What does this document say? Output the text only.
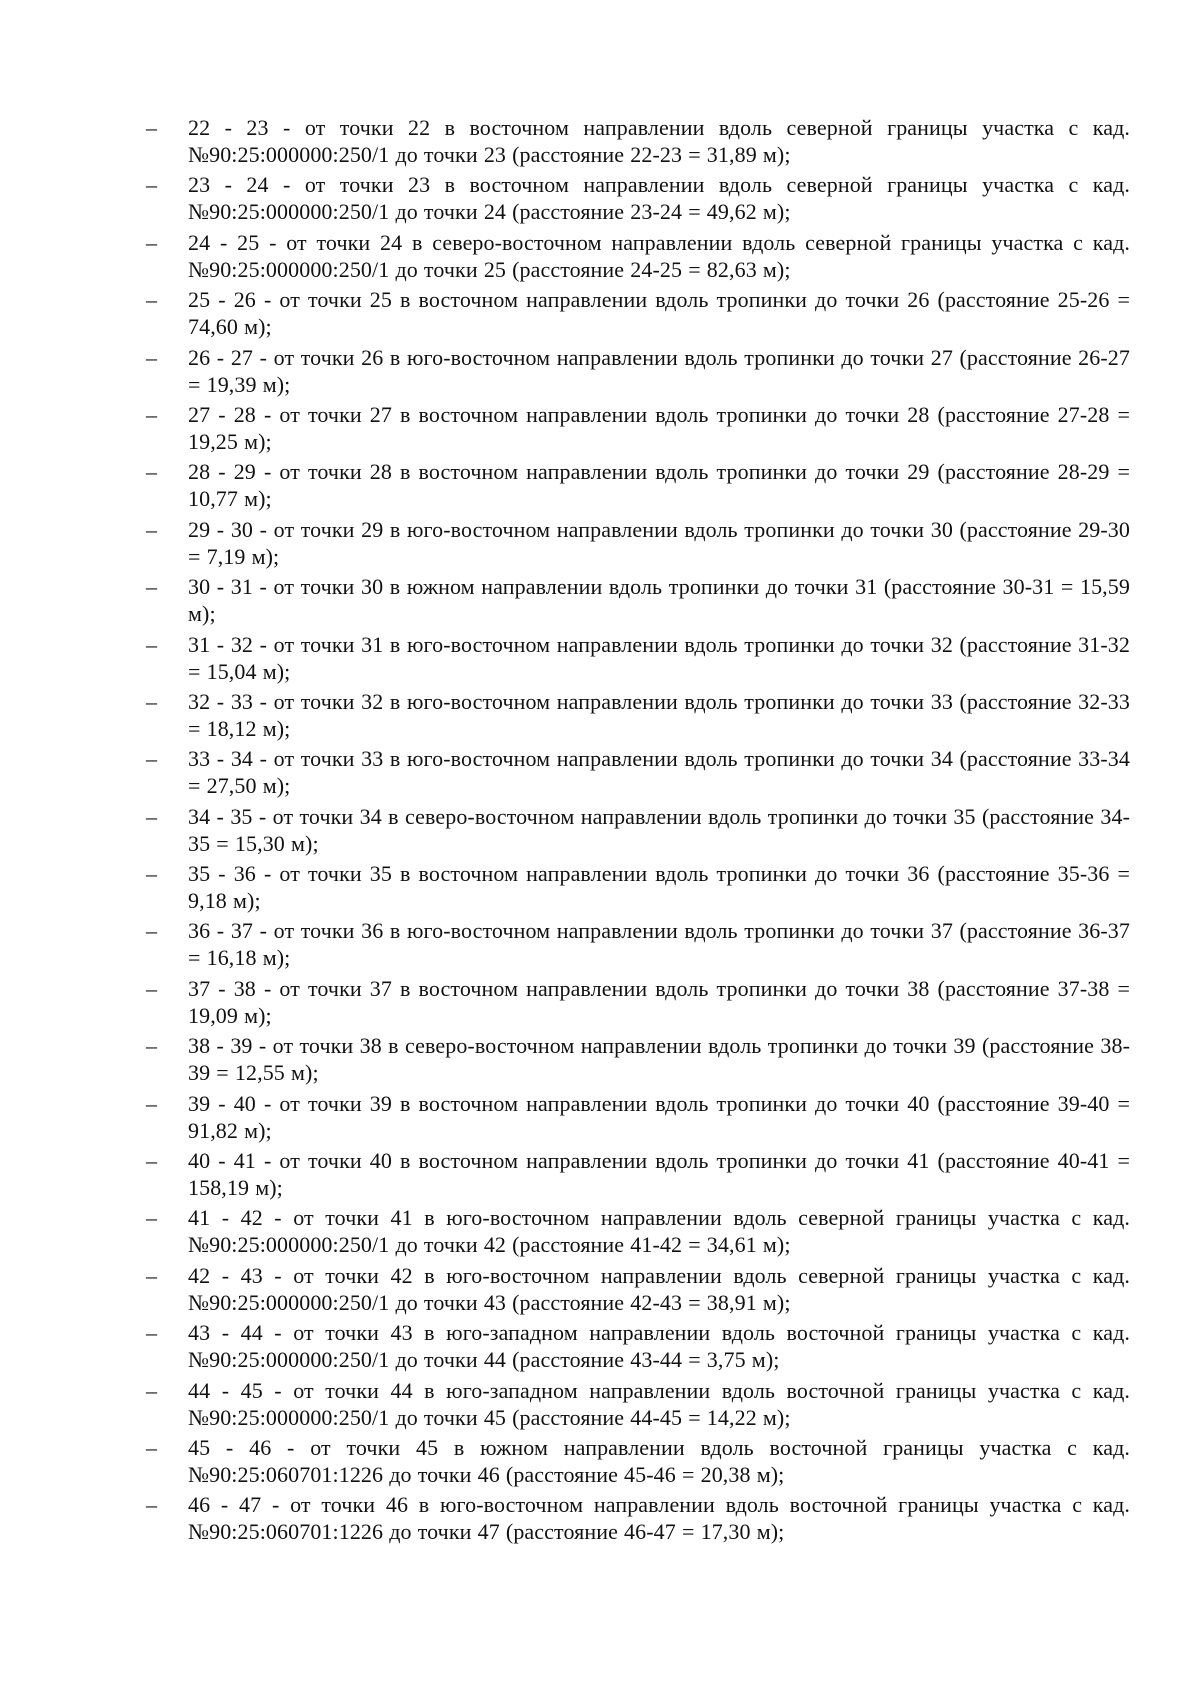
–	22 - 23 - от точки 22 в восточном направлении вдоль северной границы участка с кад. №90:25:000000:250/1 до точки 23 (расстояние 22-23 = 31,89 м);

–	23 - 24 - от точки 23 в восточном направлении вдоль северной границы участка с кад. №90:25:000000:250/1 до точки 24 (расстояние 23-24 = 49,62 м);

–	24 - 25 - от точки 24 в северо-восточном направлении вдоль северной границы участка с кад. №90:25:000000:250/1 до точки 25 (расстояние 24-25 = 82,63 м);

–	25 - 26 - от точки 25 в восточном направлении вдоль тропинки до точки 26 (расстояние 25-26 = 74,60 м);

–	26 - 27 - от точки 26 в юго-восточном направлении вдоль тропинки до точки 27 (расстояние 26-27 = 19,39 м);

–	27 - 28 - от точки 27 в восточном направлении вдоль тропинки до точки 28 (расстояние 27-28 = 19,25 м);

–	28 - 29 - от точки 28 в восточном направлении вдоль тропинки до точки 29 (расстояние 28-29 = 10,77 м);

–	29 - 30 - от точки 29 в юго-восточном направлении вдоль тропинки до точки 30 (расстояние 29-30 = 7,19 м);

–	30 - 31 - от точки 30 в южном направлении вдоль тропинки до точки 31 (расстояние 30-31 = 15,59 м);

–	31 - 32 - от точки 31 в юго-восточном направлении вдоль тропинки до точки 32 (расстояние 31-32 = 15,04 м);

–	32 - 33 - от точки 32 в юго-восточном направлении вдоль тропинки до точки 33 (расстояние 32-33 = 18,12 м);

–	33 - 34 - от точки 33 в юго-восточном направлении вдоль тропинки до точки 34 (расстояние 33-34 = 27,50 м);

–	34 - 35 - от точки 34 в северо-восточном направлении вдоль тропинки до точки 35 (расстояние 34-35 = 15,30 м);

–	35 - 36 - от точки 35 в восточном направлении вдоль тропинки до точки 36 (расстояние 35-36 = 9,18 м);

–	36 - 37 - от точки 36 в юго-восточном направлении вдоль тропинки до точки 37 (расстояние 36-37 = 16,18 м);

–	37 - 38 - от точки 37 в восточном направлении вдоль тропинки до точки 38 (расстояние 37-38 = 19,09 м);

–	38 - 39 - от точки 38 в северо-восточном направлении вдоль тропинки до точки 39 (расстояние 38-39 = 12,55 м);

–	39 - 40 - от точки 39 в восточном направлении вдоль тропинки до точки 40 (расстояние 39-40 = 91,82 м);

–	40 - 41 - от точки 40 в восточном направлении вдоль тропинки до точки 41 (расстояние 40-41 = 158,19 м);

–	41 - 42 - от точки 41 в юго-восточном направлении вдоль северной границы участка с кад. №90:25:000000:250/1 до точки 42 (расстояние 41-42 = 34,61 м);

–	42 - 43 - от точки 42 в юго-восточном направлении вдоль северной границы участка с кад. №90:25:000000:250/1 до точки 43 (расстояние 42-43 = 38,91 м);

–	43 - 44 - от точки 43 в юго-западном направлении вдоль восточной границы участка с кад. №90:25:000000:250/1 до точки 44 (расстояние 43-44 = 3,75 м);

–	44 - 45 - от точки 44 в юго-западном направлении вдоль восточной границы участка с кад. №90:25:000000:250/1 до точки 45 (расстояние 44-45 = 14,22 м);

–	45 - 46 - от точки 45 в южном направлении вдоль восточной границы участка с кад. №90:25:060701:1226 до точки 46 (расстояние 45-46 = 20,38 м);

–	46 - 47 - от точки 46 в юго-восточном направлении вдоль восточной границы участка с кад. №90:25:060701:1226 до точки 47 (расстояние 46-47 = 17,30 м);
